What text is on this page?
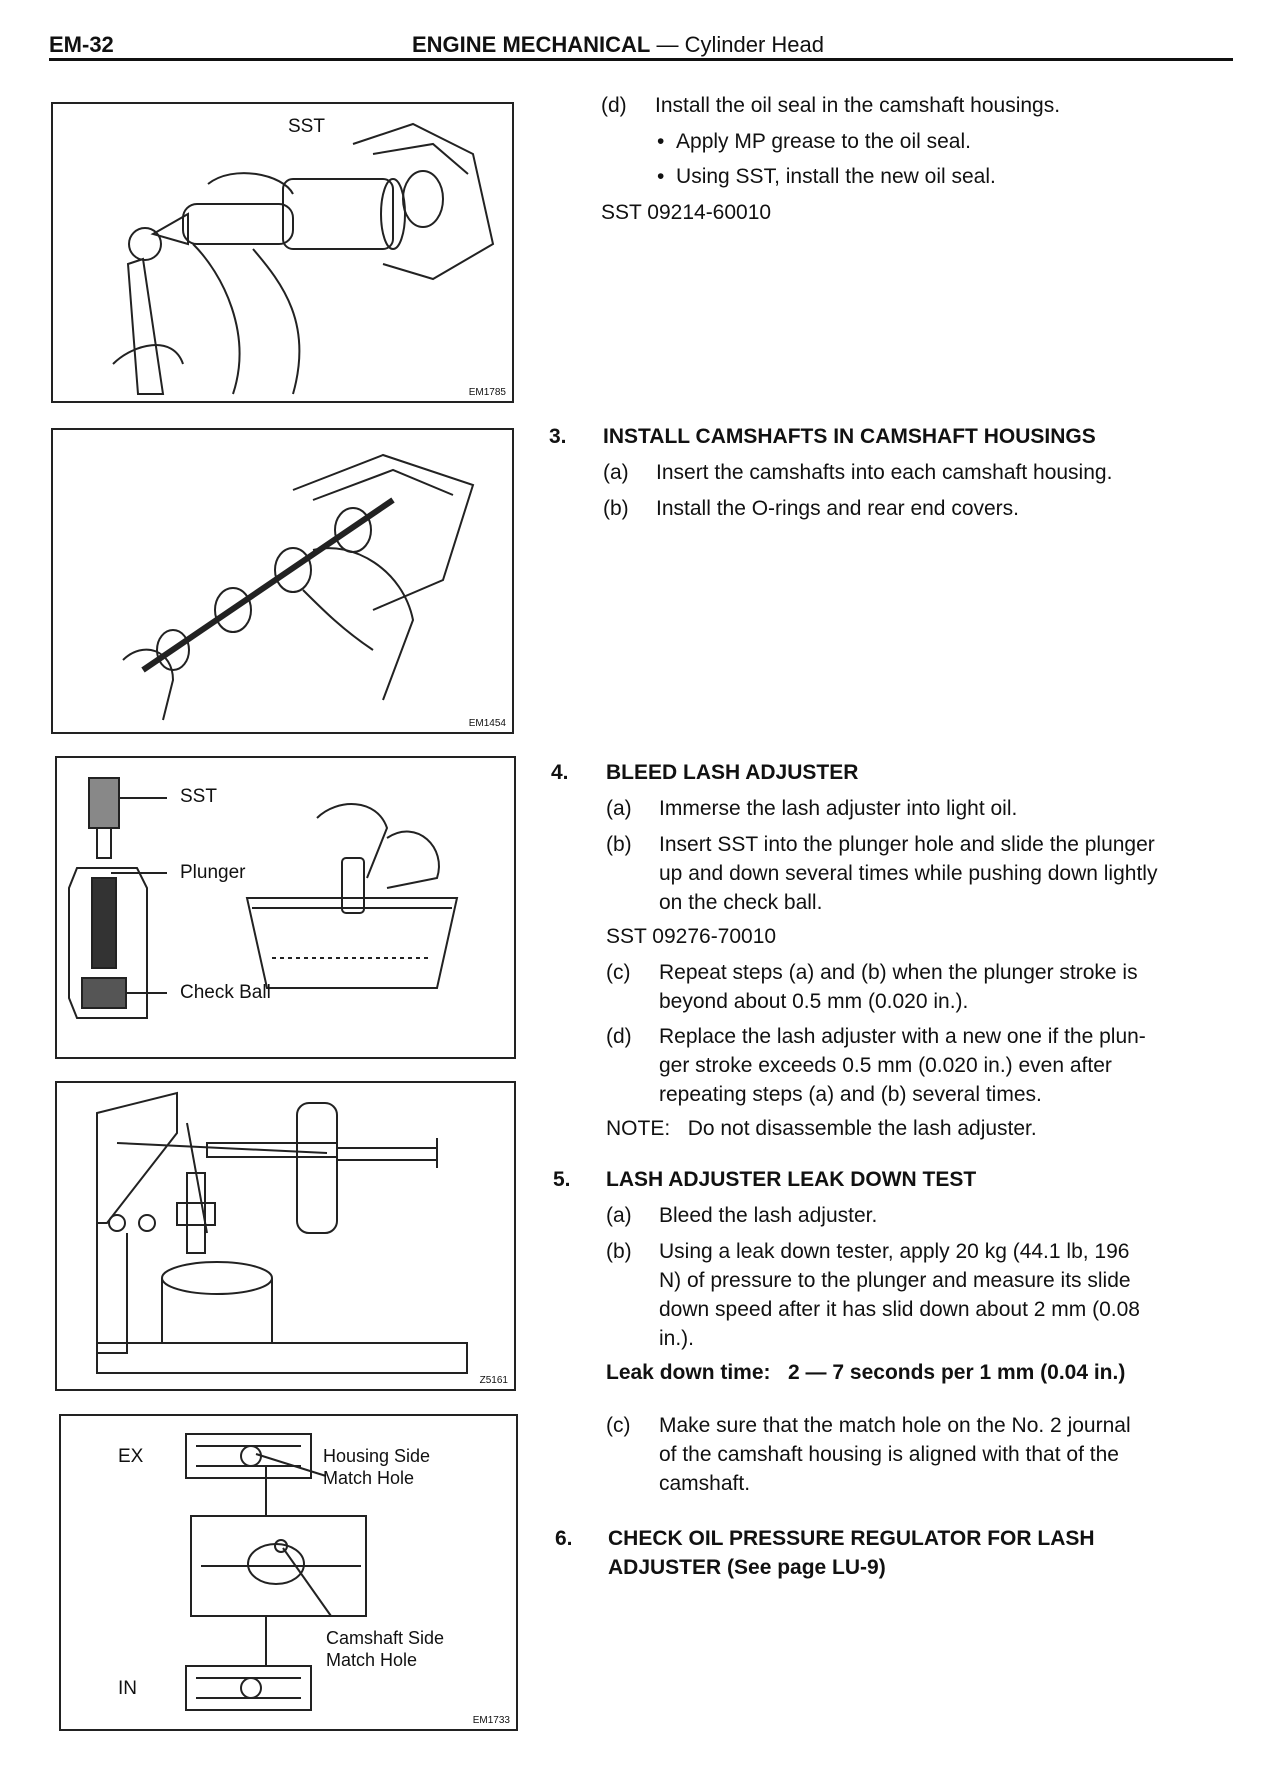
EM-32	ENGINE MECHANICAL — Cylinder Head
SST
EM1785
EM1454
SST
Plunger
Check Ball
Z5161
EX
IN
Housing Side
Match Hole
Camshaft Side
Match Hole
EM1733
(d) Install the oil seal in the camshaft housings.
•  Apply MP grease to the oil seal.
•  Using SST, install the new oil seal.
SST 09214-60010
3. INSTALL CAMSHAFTS IN CAMSHAFT HOUSINGS
(a) Insert the camshafts into each camshaft housing.
(b) Install the O-rings and rear end covers.
4. BLEED LASH ADJUSTER
(a) Immerse the lash adjuster into light oil.
(b) Insert SST into the plunger hole and slide the plunger
up and down several times while pushing down lightly
on the check ball.
SST 09276-70010
(c) Repeat steps (a) and (b) when the plunger stroke is
beyond about 0.5 mm (0.020 in.).
(d) Replace the lash adjuster with a new one if the plun-
ger stroke exceeds 0.5 mm (0.020 in.) even after
repeating steps (a) and (b) several times.
NOTE: Do not disassemble the lash adjuster.
5. LASH ADJUSTER LEAK DOWN TEST
(a) Bleed the lash adjuster.
(b) Using a leak down tester, apply 20 kg (44.1 lb, 196
N) of pressure to the plunger and measure its slide
down speed after it has slid down about 2 mm (0.08
in.).
Leak down time: 2 — 7 seconds per 1 mm (0.04 in.)
(c) Make sure that the match hole on the No. 2 journal
of the camshaft housing is aligned with that of the
camshaft.
6. CHECK OIL PRESSURE REGULATOR FOR LASH
ADJUSTER (See page LU-9)
